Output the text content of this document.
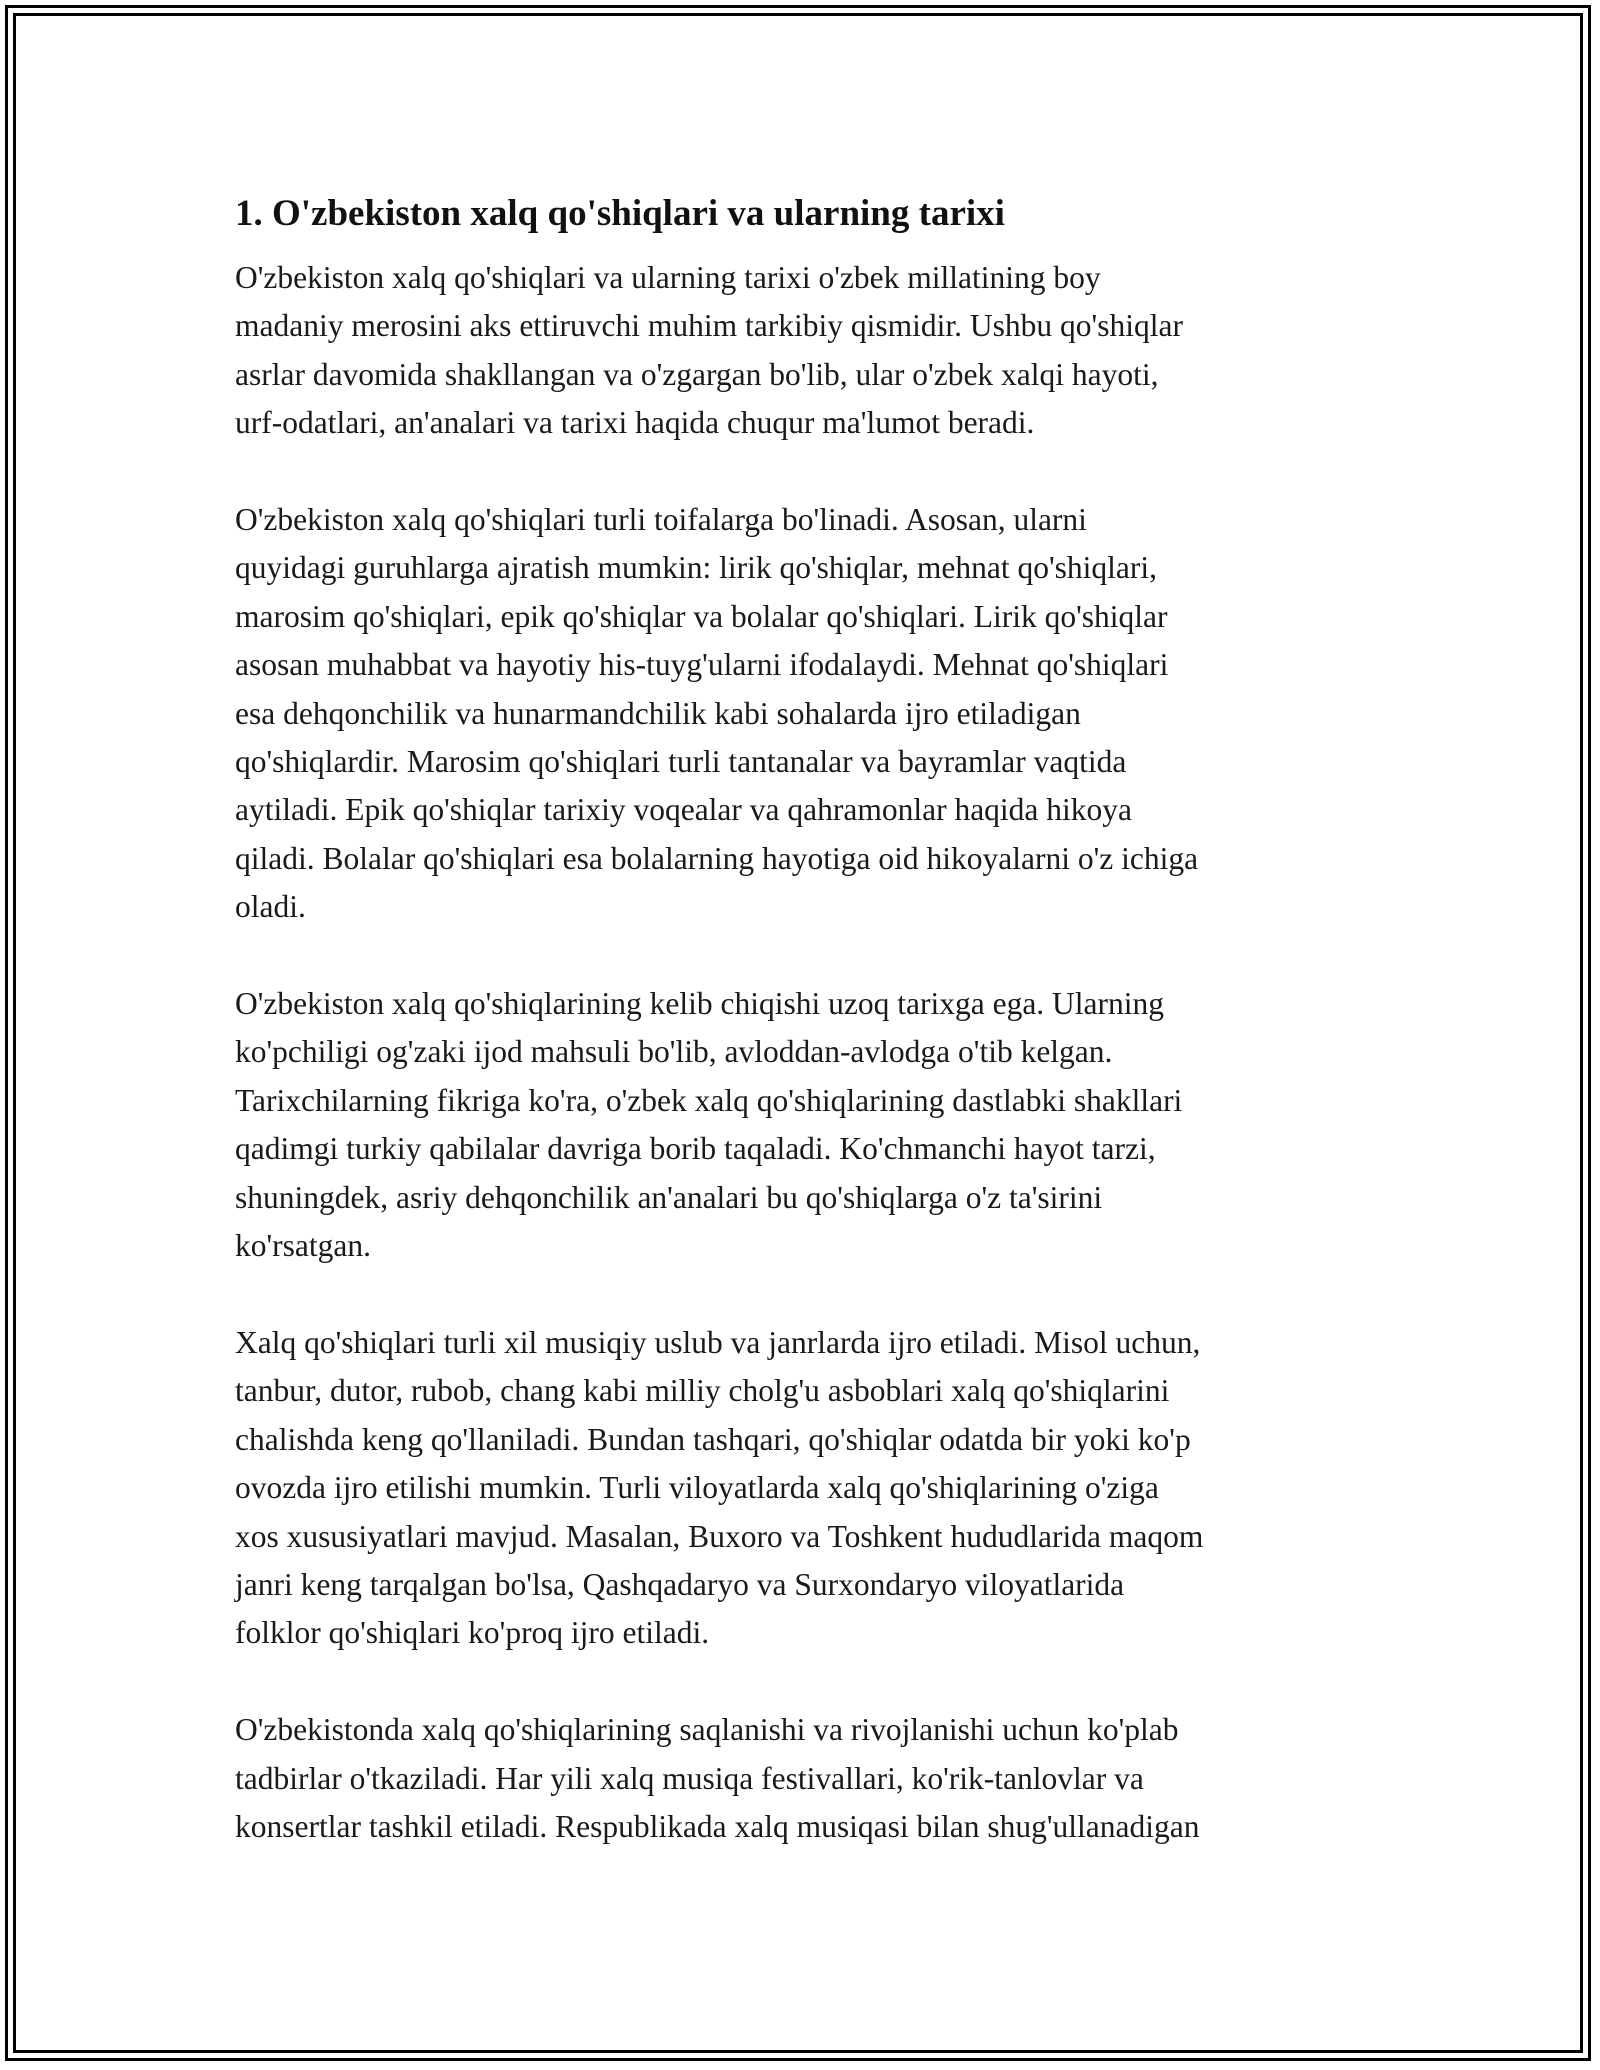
1. O'zbekiston xalq qo'shiqlari va ularning tarixi
O'zbekiston xalq qo'shiqlari va ularning tarixi o'zbek millatining boy
madaniy merosini aks ettiruvchi muhim tarkibiy qismidir. Ushbu qo'shiqlar
asrlar davomida shakllangan va o'zgargan bo'lib, ular o'zbek xalqi hayoti,
urf-odatlari, an'analari va tarixi haqida chuqur ma'lumot beradi.
O'zbekiston xalq qo'shiqlari turli toifalarga bo'linadi. Asosan, ularni
quyidagi guruhlarga ajratish mumkin: lirik qo'shiqlar, mehnat qo'shiqlari,
marosim qo'shiqlari, epik qo'shiqlar va bolalar qo'shiqlari. Lirik qo'shiqlar
asosan muhabbat va hayotiy his-tuyg'ularni ifodalaydi. Mehnat qo'shiqlari
esa dehqonchilik va hunarmandchilik kabi sohalarda ijro etiladigan
qo'shiqlardir. Marosim qo'shiqlari turli tantanalar va bayramlar vaqtida
aytiladi. Epik qo'shiqlar tarixiy voqealar va qahramonlar haqida hikoya
qiladi. Bolalar qo'shiqlari esa bolalarning hayotiga oid hikoyalarni o'z ichiga
oladi.
O'zbekiston xalq qo'shiqlarining kelib chiqishi uzoq tarixga ega. Ularning
ko'pchiligi og'zaki ijod mahsuli bo'lib, avloddan-avlodga o'tib kelgan.
Tarixchilarning fikriga ko'ra, o'zbek xalq qo'shiqlarining dastlabki shakllari
qadimgi turkiy qabilalar davriga borib taqaladi. Ko'chmanchi hayot tarzi,
shuningdek, asriy dehqonchilik an'analari bu qo'shiqlarga o'z ta'sirini
ko'rsatgan.
Xalq qo'shiqlari turli xil musiqiy uslub va janrlarda ijro etiladi. Misol uchun,
tanbur, dutor, rubob, chang kabi milliy cholg'u asboblari xalq qo'shiqlarini
chalishda keng qo'llaniladi. Bundan tashqari, qo'shiqlar odatda bir yoki ko'p
ovozda ijro etilishi mumkin. Turli viloyatlarda xalq qo'shiqlarining o'ziga
xos xususiyatlari mavjud. Masalan, Buxoro va Toshkent hududlarida maqom
janri keng tarqalgan bo'lsa, Qashqadaryo va Surxondaryo viloyatlarida
folklor qo'shiqlari ko'proq ijro etiladi.
O'zbekistonda xalq qo'shiqlarining saqlanishi va rivojlanishi uchun ko'plab
tadbirlar o'tkaziladi. Har yili xalq musiqa festivallari, ko'rik-tanlovlar va
konsertlar tashkil etiladi. Respublikada xalq musiqasi bilan shug'ullanadigan
